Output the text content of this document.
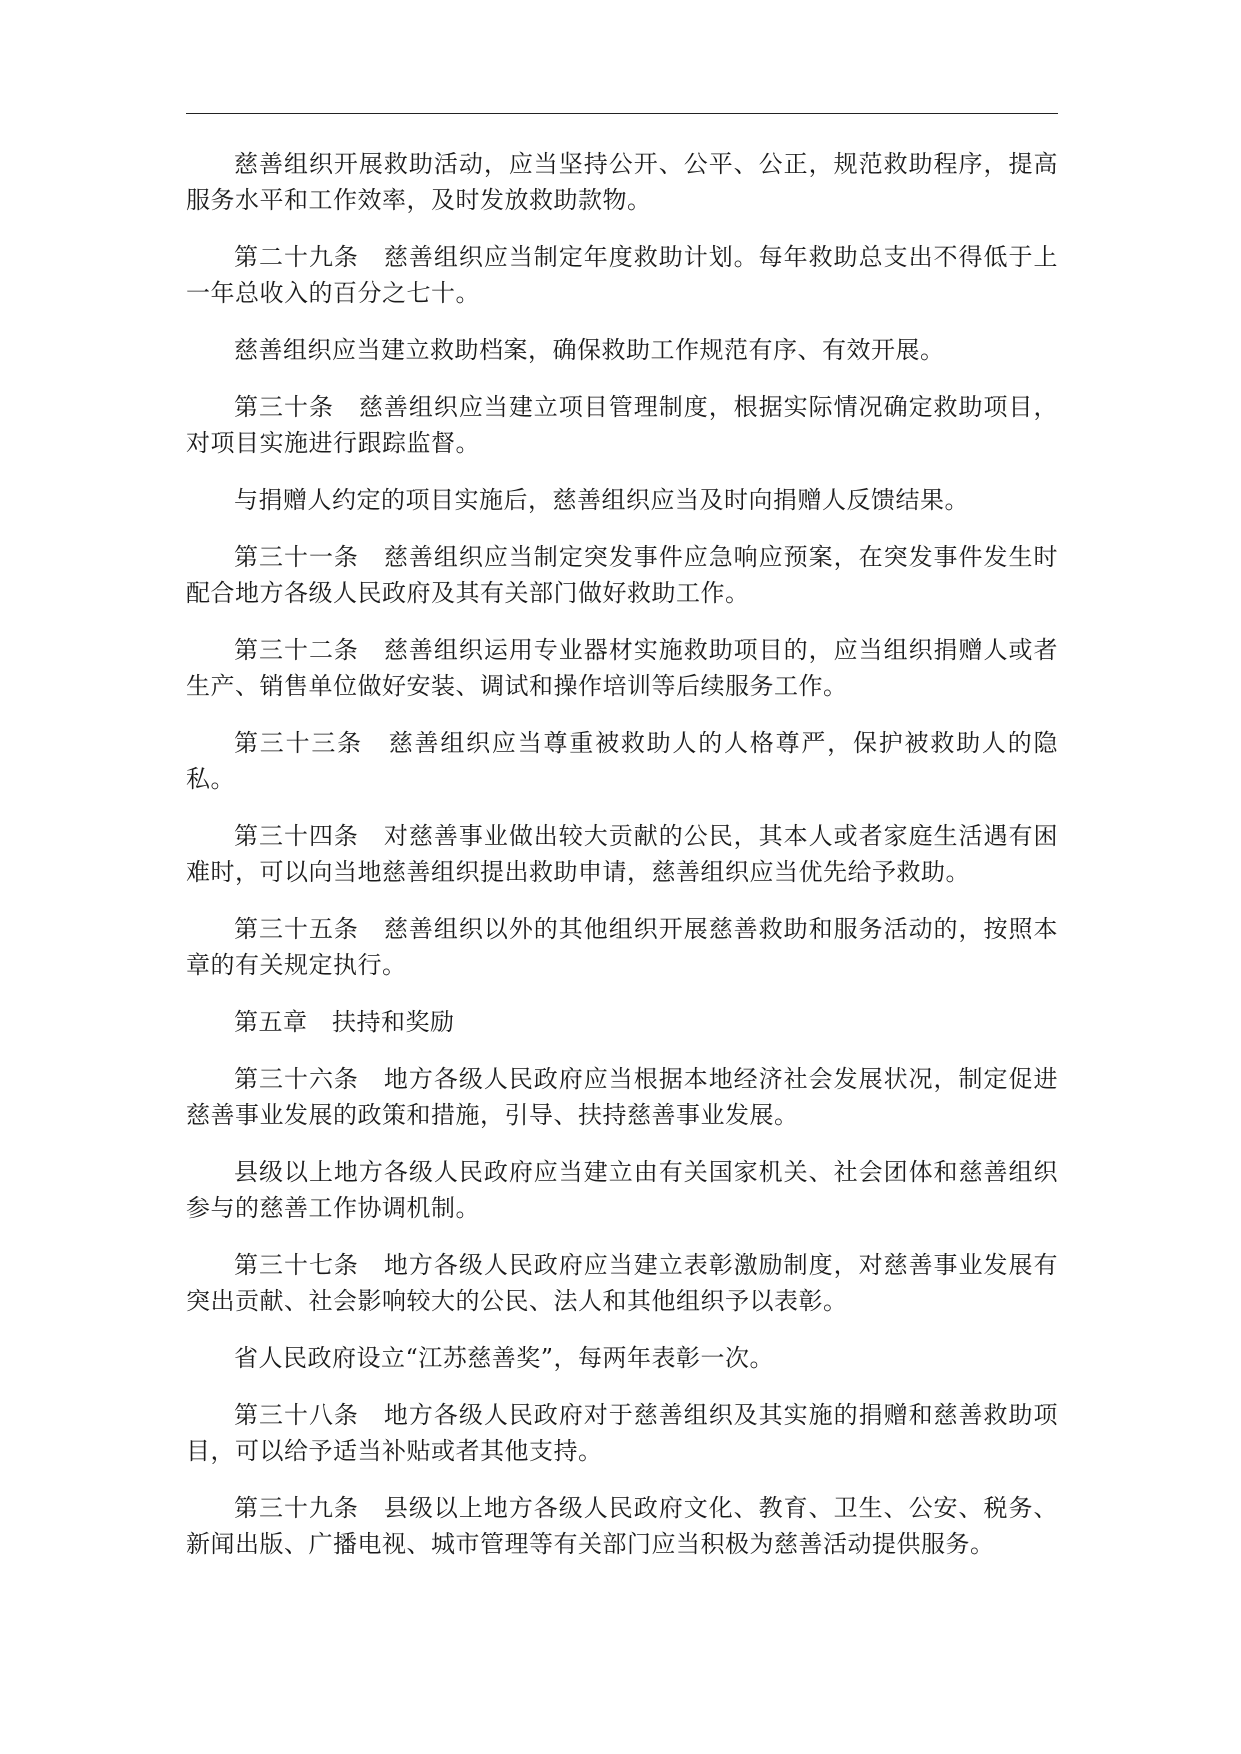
慈善组织开展救助活动，应当坚持公开、公平、公正，规范救助程序，提高服务水平和工作效率，及时发放救助款物。

第二十九条　慈善组织应当制定年度救助计划。每年救助总支出不得低于上一年总收入的百分之七十。

慈善组织应当建立救助档案，确保救助工作规范有序、有效开展。

第三十条　慈善组织应当建立项目管理制度，根据实际情况确定救助项目，对项目实施进行跟踪监督。

与捐赠人约定的项目实施后，慈善组织应当及时向捐赠人反馈结果。

第三十一条　慈善组织应当制定突发事件应急响应预案，在突发事件发生时配合地方各级人民政府及其有关部门做好救助工作。

第三十二条　慈善组织运用专业器材实施救助项目的，应当组织捐赠人或者生产、销售单位做好安装、调试和操作培训等后续服务工作。

第三十三条　慈善组织应当尊重被救助人的人格尊严，保护被救助人的隐私。

第三十四条　对慈善事业做出较大贡献的公民，其本人或者家庭生活遇有困难时，可以向当地慈善组织提出救助申请，慈善组织应当优先给予救助。

第三十五条　慈善组织以外的其他组织开展慈善救助和服务活动的，按照本章的有关规定执行。

第五章　扶持和奖励

第三十六条　地方各级人民政府应当根据本地经济社会发展状况，制定促进慈善事业发展的政策和措施，引导、扶持慈善事业发展。

县级以上地方各级人民政府应当建立由有关国家机关、社会团体和慈善组织参与的慈善工作协调机制。

第三十七条　地方各级人民政府应当建立表彰激励制度，对慈善事业发展有突出贡献、社会影响较大的公民、法人和其他组织予以表彰。

省人民政府设立“江苏慈善奖”，每两年表彰一次。

第三十八条　地方各级人民政府对于慈善组织及其实施的捐赠和慈善救助项目，可以给予适当补贴或者其他支持。

第三十九条　县级以上地方各级人民政府文化、教育、卫生、公安、税务、新闻出版、广播电视、城市管理等有关部门应当积极为慈善活动提供服务。
